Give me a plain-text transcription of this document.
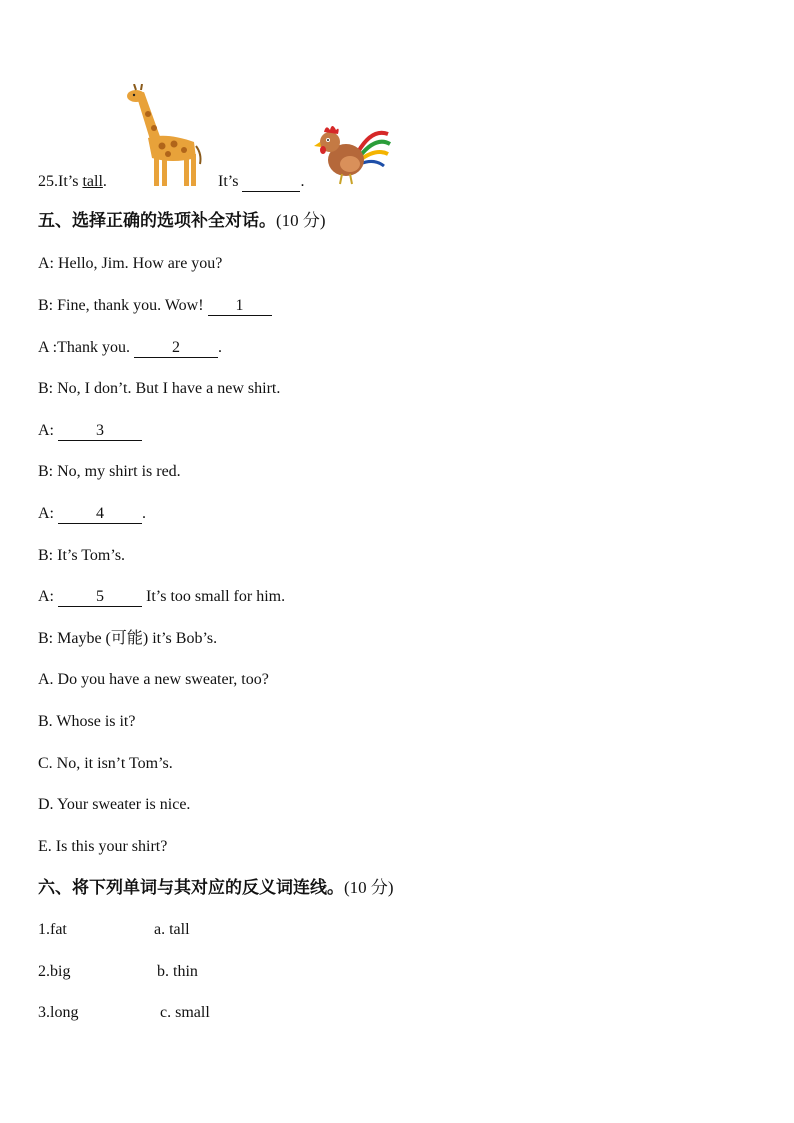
25.It’s tall.	It’s	.
五、选择正确的选项补全对话。(10 分)
A: Hello, Jim. How are you?
B: Fine, thank you. Wow! 1
A :Thank you. 2 .
B: No, I don’t. But I have a new shirt.
A: 3
B: No, my shirt is red.
A: 4 .
B: It’s Tom’s.
A: 5 It’s too small for him.
B: Maybe (可能) it’s Bob’s.
A. Do you have a new sweater, too?
B. Whose is it?
C. No, it isn’t Tom’s.
D. Your sweater is nice.
E. Is this your shirt?
六、将下列单词与其对应的反义词连线。(10 分)
1.fat	a. tall
2.big	b. thin
3.long	c. small
